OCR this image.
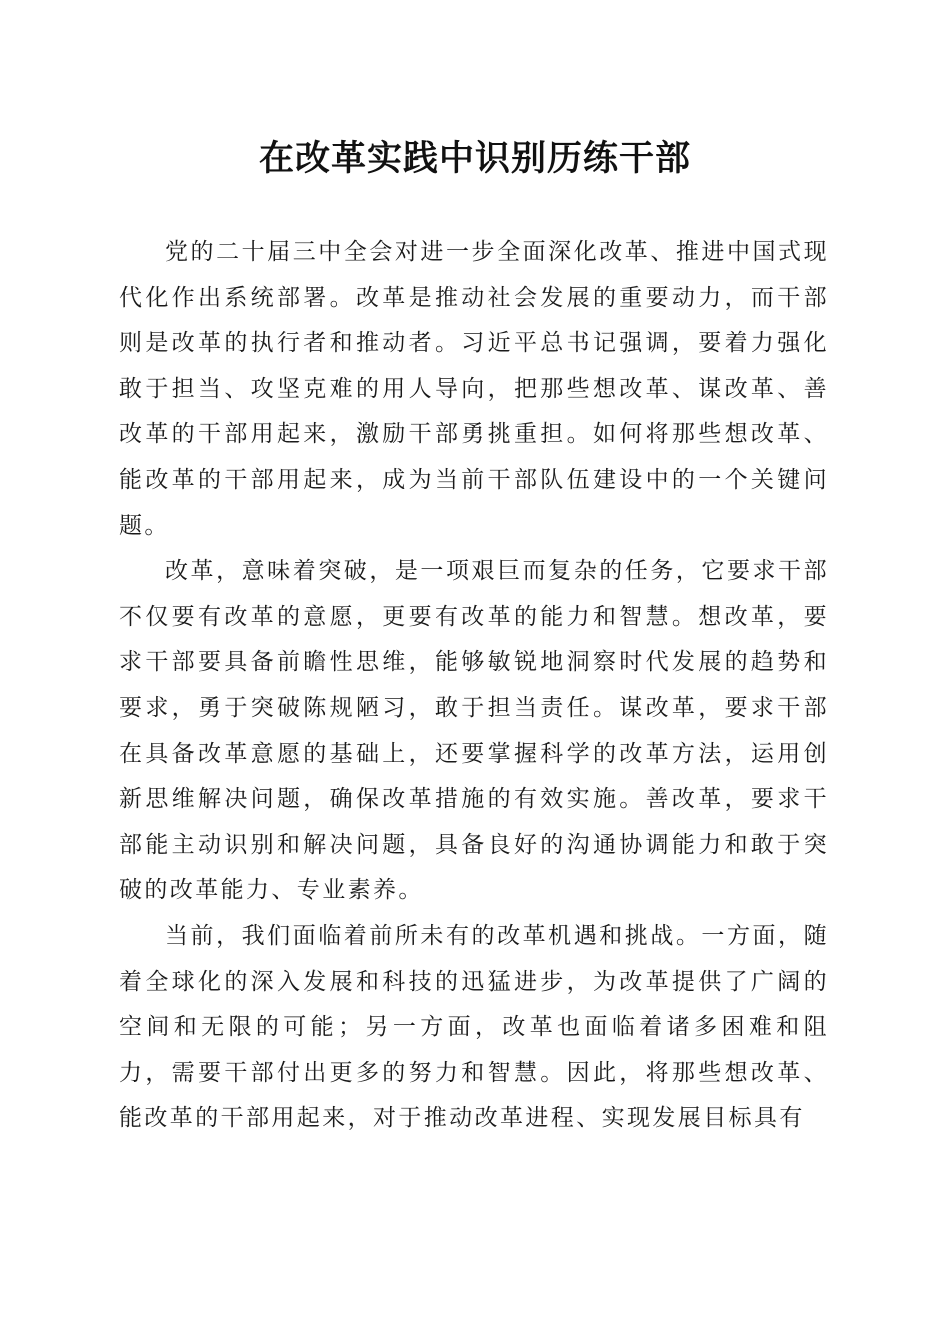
在改革实践中识别历练干部

党的二十届三中全会对进一步全面深化改革、推进中国式现代化作出系统部署。改革是推动社会发展的重要动力，而干部则是改革的执行者和推动者。习近平总书记强调，要着力强化敢于担当、攻坚克难的用人导向，把那些想改革、谋改革、善改革的干部用起来，激励干部勇挑重担。如何将那些想改革、能改革的干部用起来，成为当前干部队伍建设中的一个关键问题。

改革，意味着突破，是一项艰巨而复杂的任务，它要求干部不仅要有改革的意愿，更要有改革的能力和智慧。想改革，要求干部要具备前瞻性思维，能够敏锐地洞察时代发展的趋势和要求，勇于突破陈规陋习，敢于担当责任。谋改革，要求干部在具备改革意愿的基础上，还要掌握科学的改革方法，运用创新思维解决问题，确保改革措施的有效实施。善改革，要求干部能主动识别和解决问题，具备良好的沟通协调能力和敢于突破的改革能力、专业素养。

当前，我们面临着前所未有的改革机遇和挑战。一方面，随着全球化的深入发展和科技的迅猛进步，为改革提供了广阔的空间和无限的可能；另一方面，改革也面临着诸多困难和阻力，需要干部付出更多的努力和智慧。因此，将那些想改革、能改革的干部用起来，对于推动改革进程、实现发展目标具有
